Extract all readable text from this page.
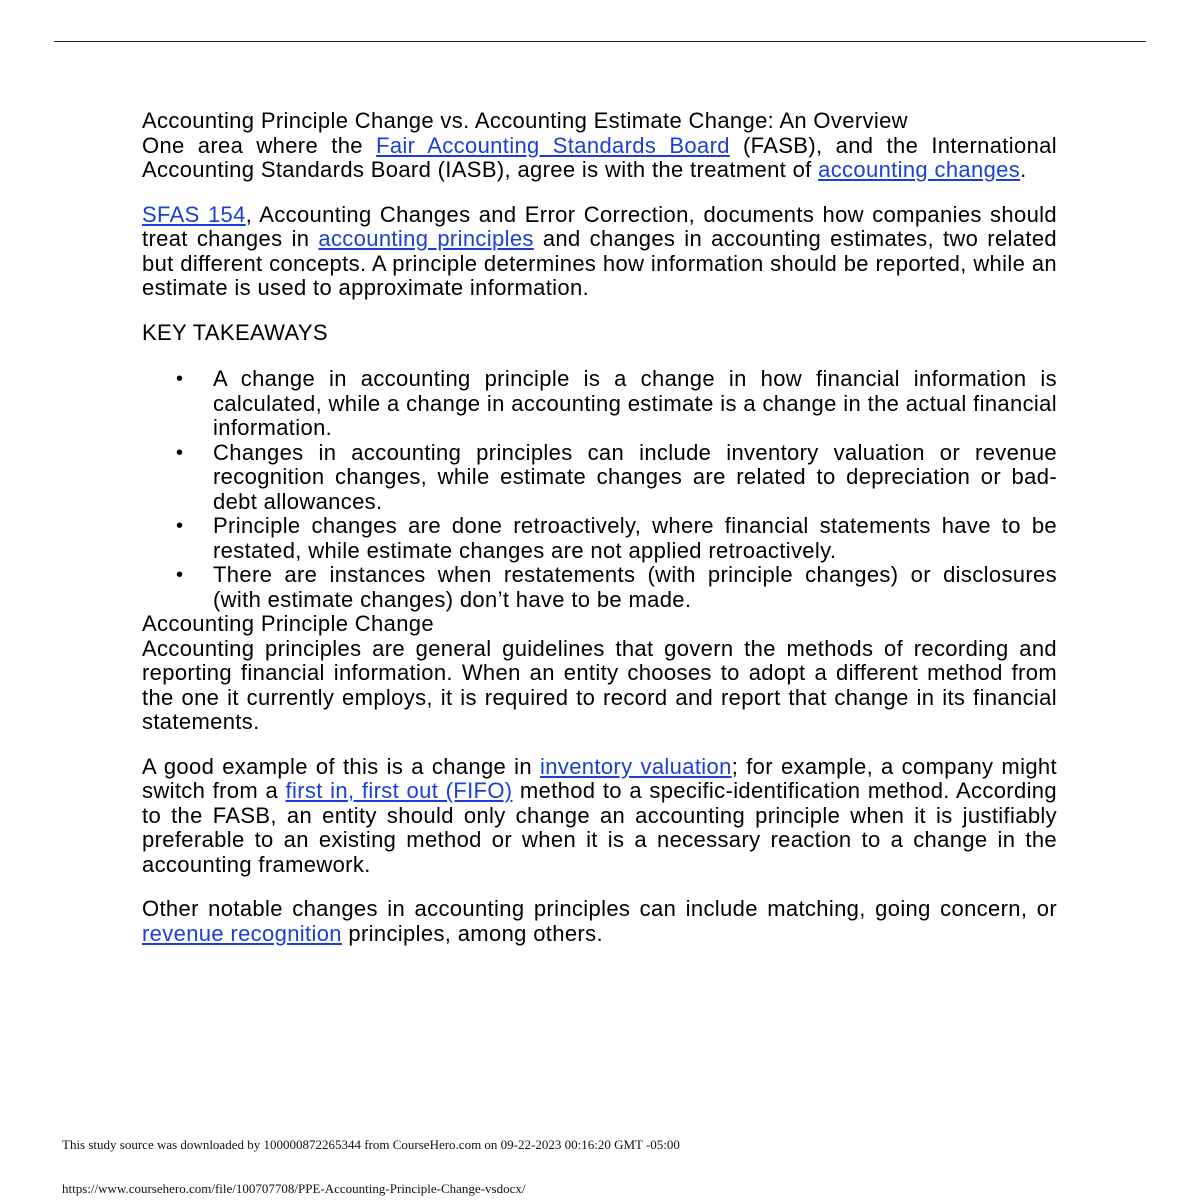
Accounting Principle Change vs. Accounting Estimate Change: An Overview

One area where the Fair Accounting Standards Board (FASB), and the International Accounting Standards Board (IASB), agree is with the treatment of accounting changes.

SFAS 154, Accounting Changes and Error Correction, documents how companies should treat changes in accounting principles and changes in accounting estimates, two related but different concepts. A principle determines how information should be reported, while an estimate is used to approximate information.

KEY TAKEAWAYS

• A change in accounting principle is a change in how financial information is calculated, while a change in accounting estimate is a change in the actual financial information.
• Changes in accounting principles can include inventory valuation or revenue recognition changes, while estimate changes are related to depreciation or bad-debt allowances.
• Principle changes are done retroactively, where financial statements have to be restated, while estimate changes are not applied retroactively.
• There are instances when restatements (with principle changes) or disclosures (with estimate changes) don’t have to be made.

Accounting Principle Change

Accounting principles are general guidelines that govern the methods of recording and reporting financial information. When an entity chooses to adopt a different method from the one it currently employs, it is required to record and report that change in its financial statements.

A good example of this is a change in inventory valuation; for example, a company might switch from a first in, first out (FIFO) method to a specific-identification method. According to the FASB, an entity should only change an accounting principle when it is justifiably preferable to an existing method or when it is a necessary reaction to a change in the accounting framework.

Other notable changes in accounting principles can include matching, going concern, or revenue recognition principles, among others.

This study source was downloaded by 100000872265344 from CourseHero.com on 09-22-2023 00:16:20 GMT -05:00
https://www.coursehero.com/file/100707708/PPE-Accounting-Principle-Change-vsdocx/
